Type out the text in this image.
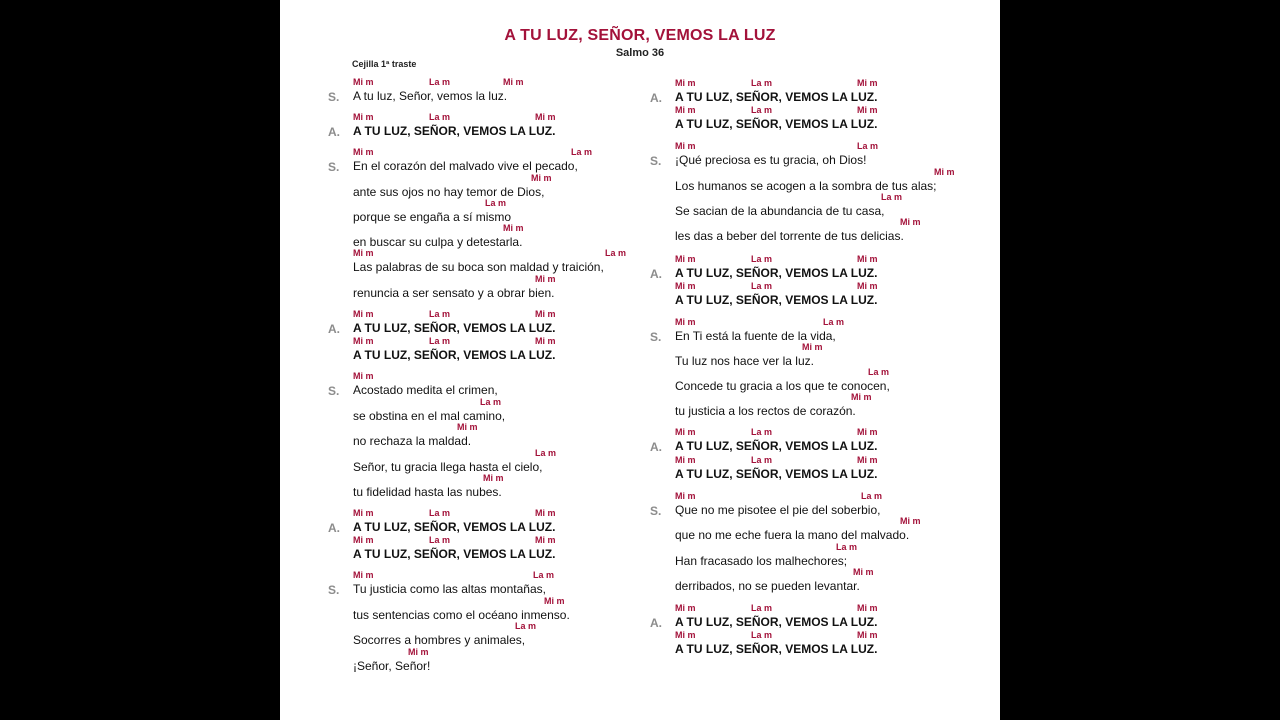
A TU LUZ, SEÑOR, VEMOS LA LUZ
Salmo 36
Cejilla 1ª traste
S. A tu luz, Señor, vemos la luz.
Mi m	La m	Mi m
A. A TU LUZ, SEÑOR, VEMOS LA LUZ.
Mi m	La m	Mi m
S. En el corazón del malvado vive el pecado,
Mi m	La m
ante sus ojos no hay temor de Dios,
Mi m
porque se engaña a sí mismo
La m
en buscar su culpa y detestarla.
Mi m
Las palabras de su boca son maldad y traición,
Mi m	La m
renuncia a ser sensato y a obrar bien.
Mi m
A. A TU LUZ, SEÑOR, VEMOS LA LUZ.
Mi m	La m	Mi m
A TU LUZ, SEÑOR, VEMOS LA LUZ.
Mi m	La m	Mi m
S. Acostado medita el crimen,
Mi m
se obstina en el mal camino,
La m
no rechaza la maldad.
Mi m
Señor, tu gracia llega hasta el cielo,
La m
tu fidelidad hasta las nubes.
Mi m
A. A TU LUZ, SEÑOR, VEMOS LA LUZ.
Mi m	La m	Mi m
A TU LUZ, SEÑOR, VEMOS LA LUZ.
Mi m	La m	Mi m
S. Tu justicia como las altas montañas,
Mi m	La m
tus sentencias como el océano inmenso.
Mi m
Socorres a hombres y animales,
La m
¡Señor, Señor!
Mi m
A. A TU LUZ, SEÑOR, VEMOS LA LUZ.
Mi m	La m	Mi m
A TU LUZ, SEÑOR, VEMOS LA LUZ.
Mi m	La m	Mi m
S. ¡Qué preciosa es tu gracia, oh Dios!
Mi m	La m
Los humanos se acogen a la sombra de tus alas;
Mi m
Se sacian de la abundancia de tu casa,
La m
les das a beber del torrente de tus delicias.
Mi m
A. A TU LUZ, SEÑOR, VEMOS LA LUZ.
Mi m	La m	Mi m
A TU LUZ, SEÑOR, VEMOS LA LUZ.
Mi m	La m	Mi m
S. En Ti está la fuente de la vida,
Mi m	La m
Tu luz nos hace ver la luz.
Mi m
Concede tu gracia a los que te conocen,
La m
tu justicia a los rectos de corazón.
Mi m
A. A TU LUZ, SEÑOR, VEMOS LA LUZ.
Mi m	La m	Mi m
A TU LUZ, SEÑOR, VEMOS LA LUZ.
Mi m	La m	Mi m
S. Que no me pisotee el pie del soberbio,
Mi m	La m
que no me eche fuera la mano del malvado.
Mi m
Han fracasado los malhechores;
La m
derribados, no se pueden levantar.
Mi m
A. A TU LUZ, SEÑOR, VEMOS LA LUZ.
Mi m	La m	Mi m
A TU LUZ, SEÑOR, VEMOS LA LUZ.
Mi m	La m	Mi m
